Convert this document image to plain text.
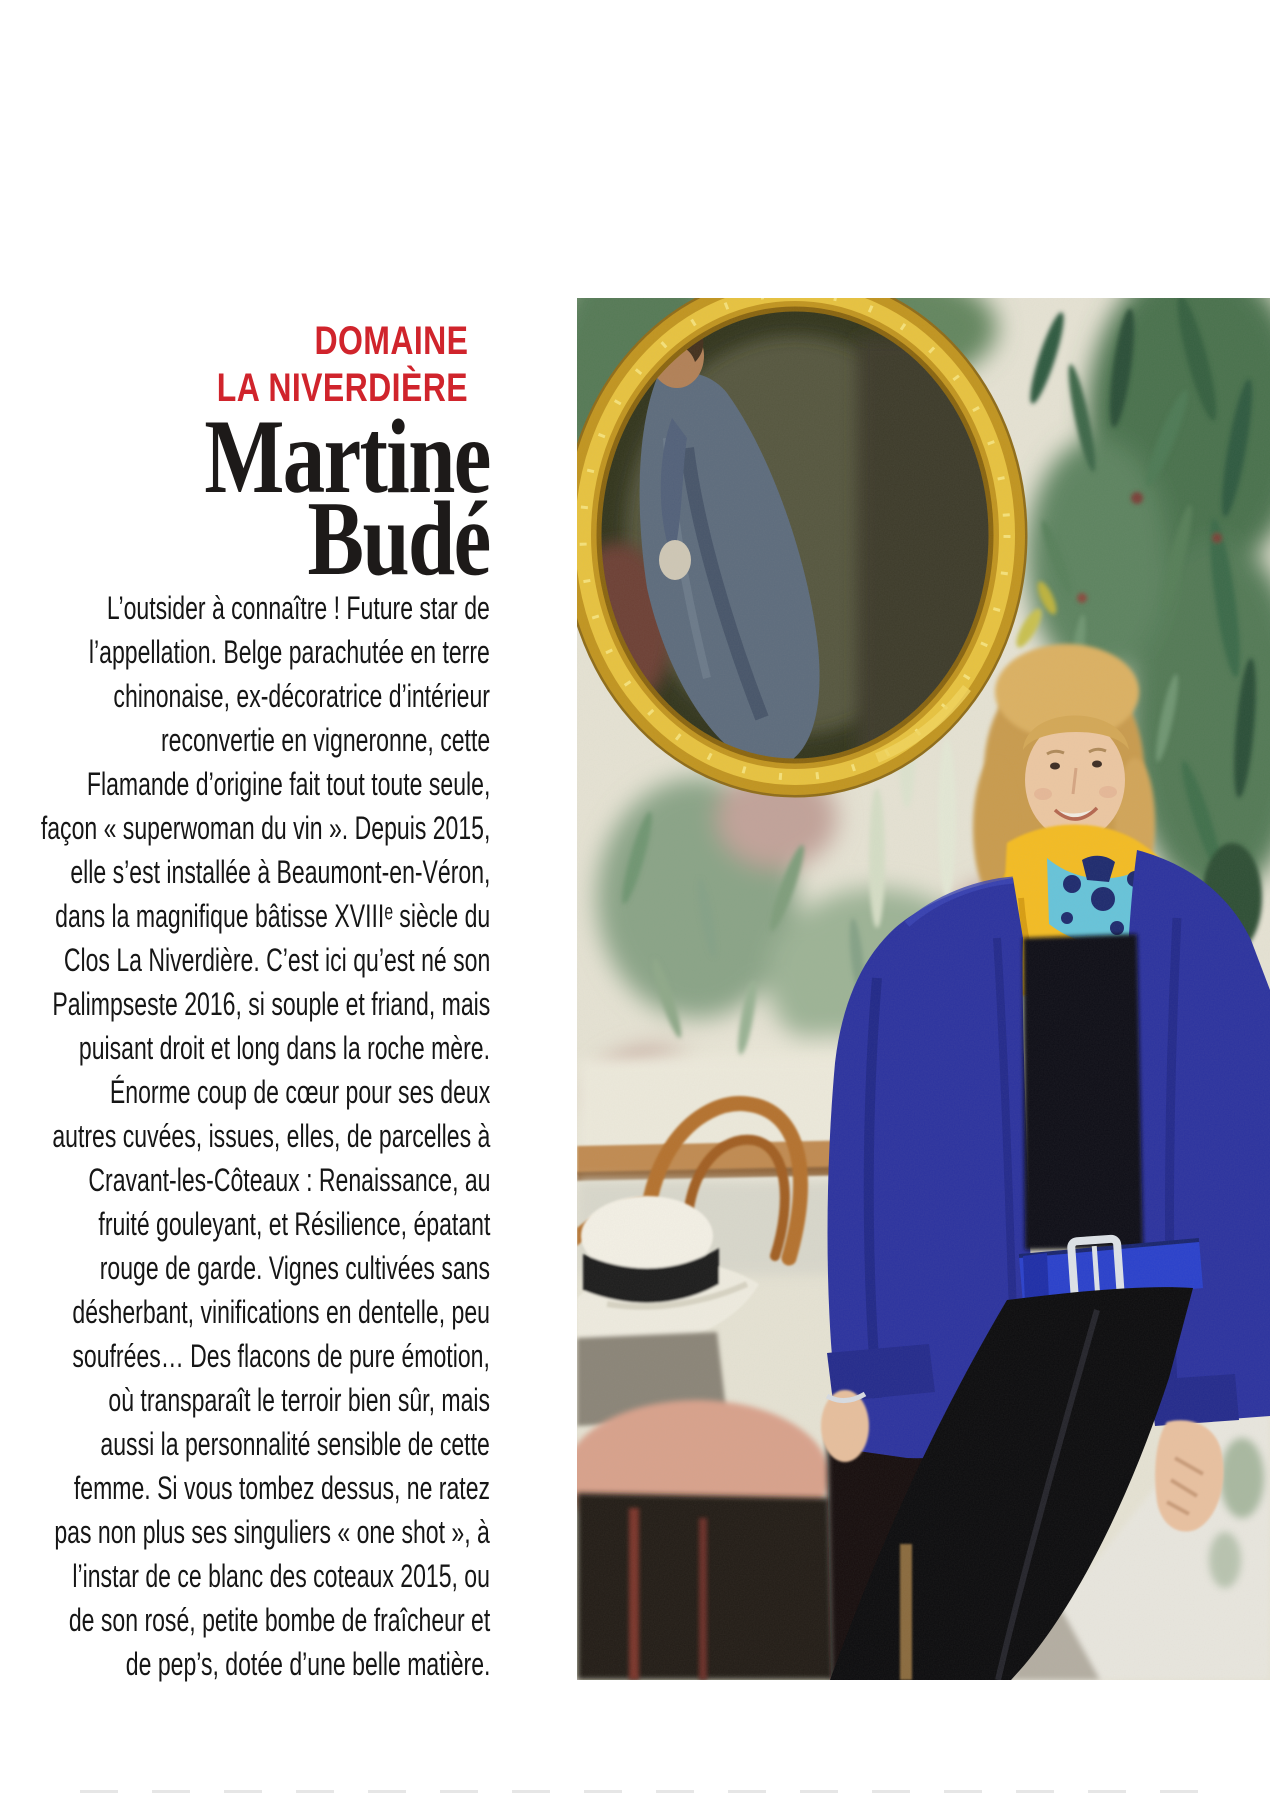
DOMAINE
LA NIVERDIÈRE
Martine
Budé
L’outsider à connaître ! Future star de
l’appellation. Belge parachutée en terre
chinonaise, ex-décoratrice d’intérieur
reconvertie en vigneronne, cette
Flamande d’origine fait tout toute seule,
façon « superwoman du vin ». Depuis 2015,
elle s’est installée à Beaumont-en-Véron,
dans la magnifique bâtisse XVIIIᵉ siècle du
Clos La Niverdière. C’est ici qu’est né son
Palimpseste 2016, si souple et friand, mais
puisant droit et long dans la roche mère.
Énorme coup de cœur pour ses deux
autres cuvées, issues, elles, de parcelles à
Cravant-les-Côteaux : Renaissance, au
fruité gouleyant, et Résilience, épatant
rouge de garde. Vignes cultivées sans
désherbant, vinifications en dentelle, peu
soufrées… Des flacons de pure émotion,
où transparaît le terroir bien sûr, mais
aussi la personnalité sensible de cette
femme. Si vous tombez dessus, ne ratez
pas non plus ses singuliers « one shot », à
l’instar de ce blanc des coteaux 2015, ou
de son rosé, petite bombe de fraîcheur et
de pep’s, dotée d’une belle matière.
